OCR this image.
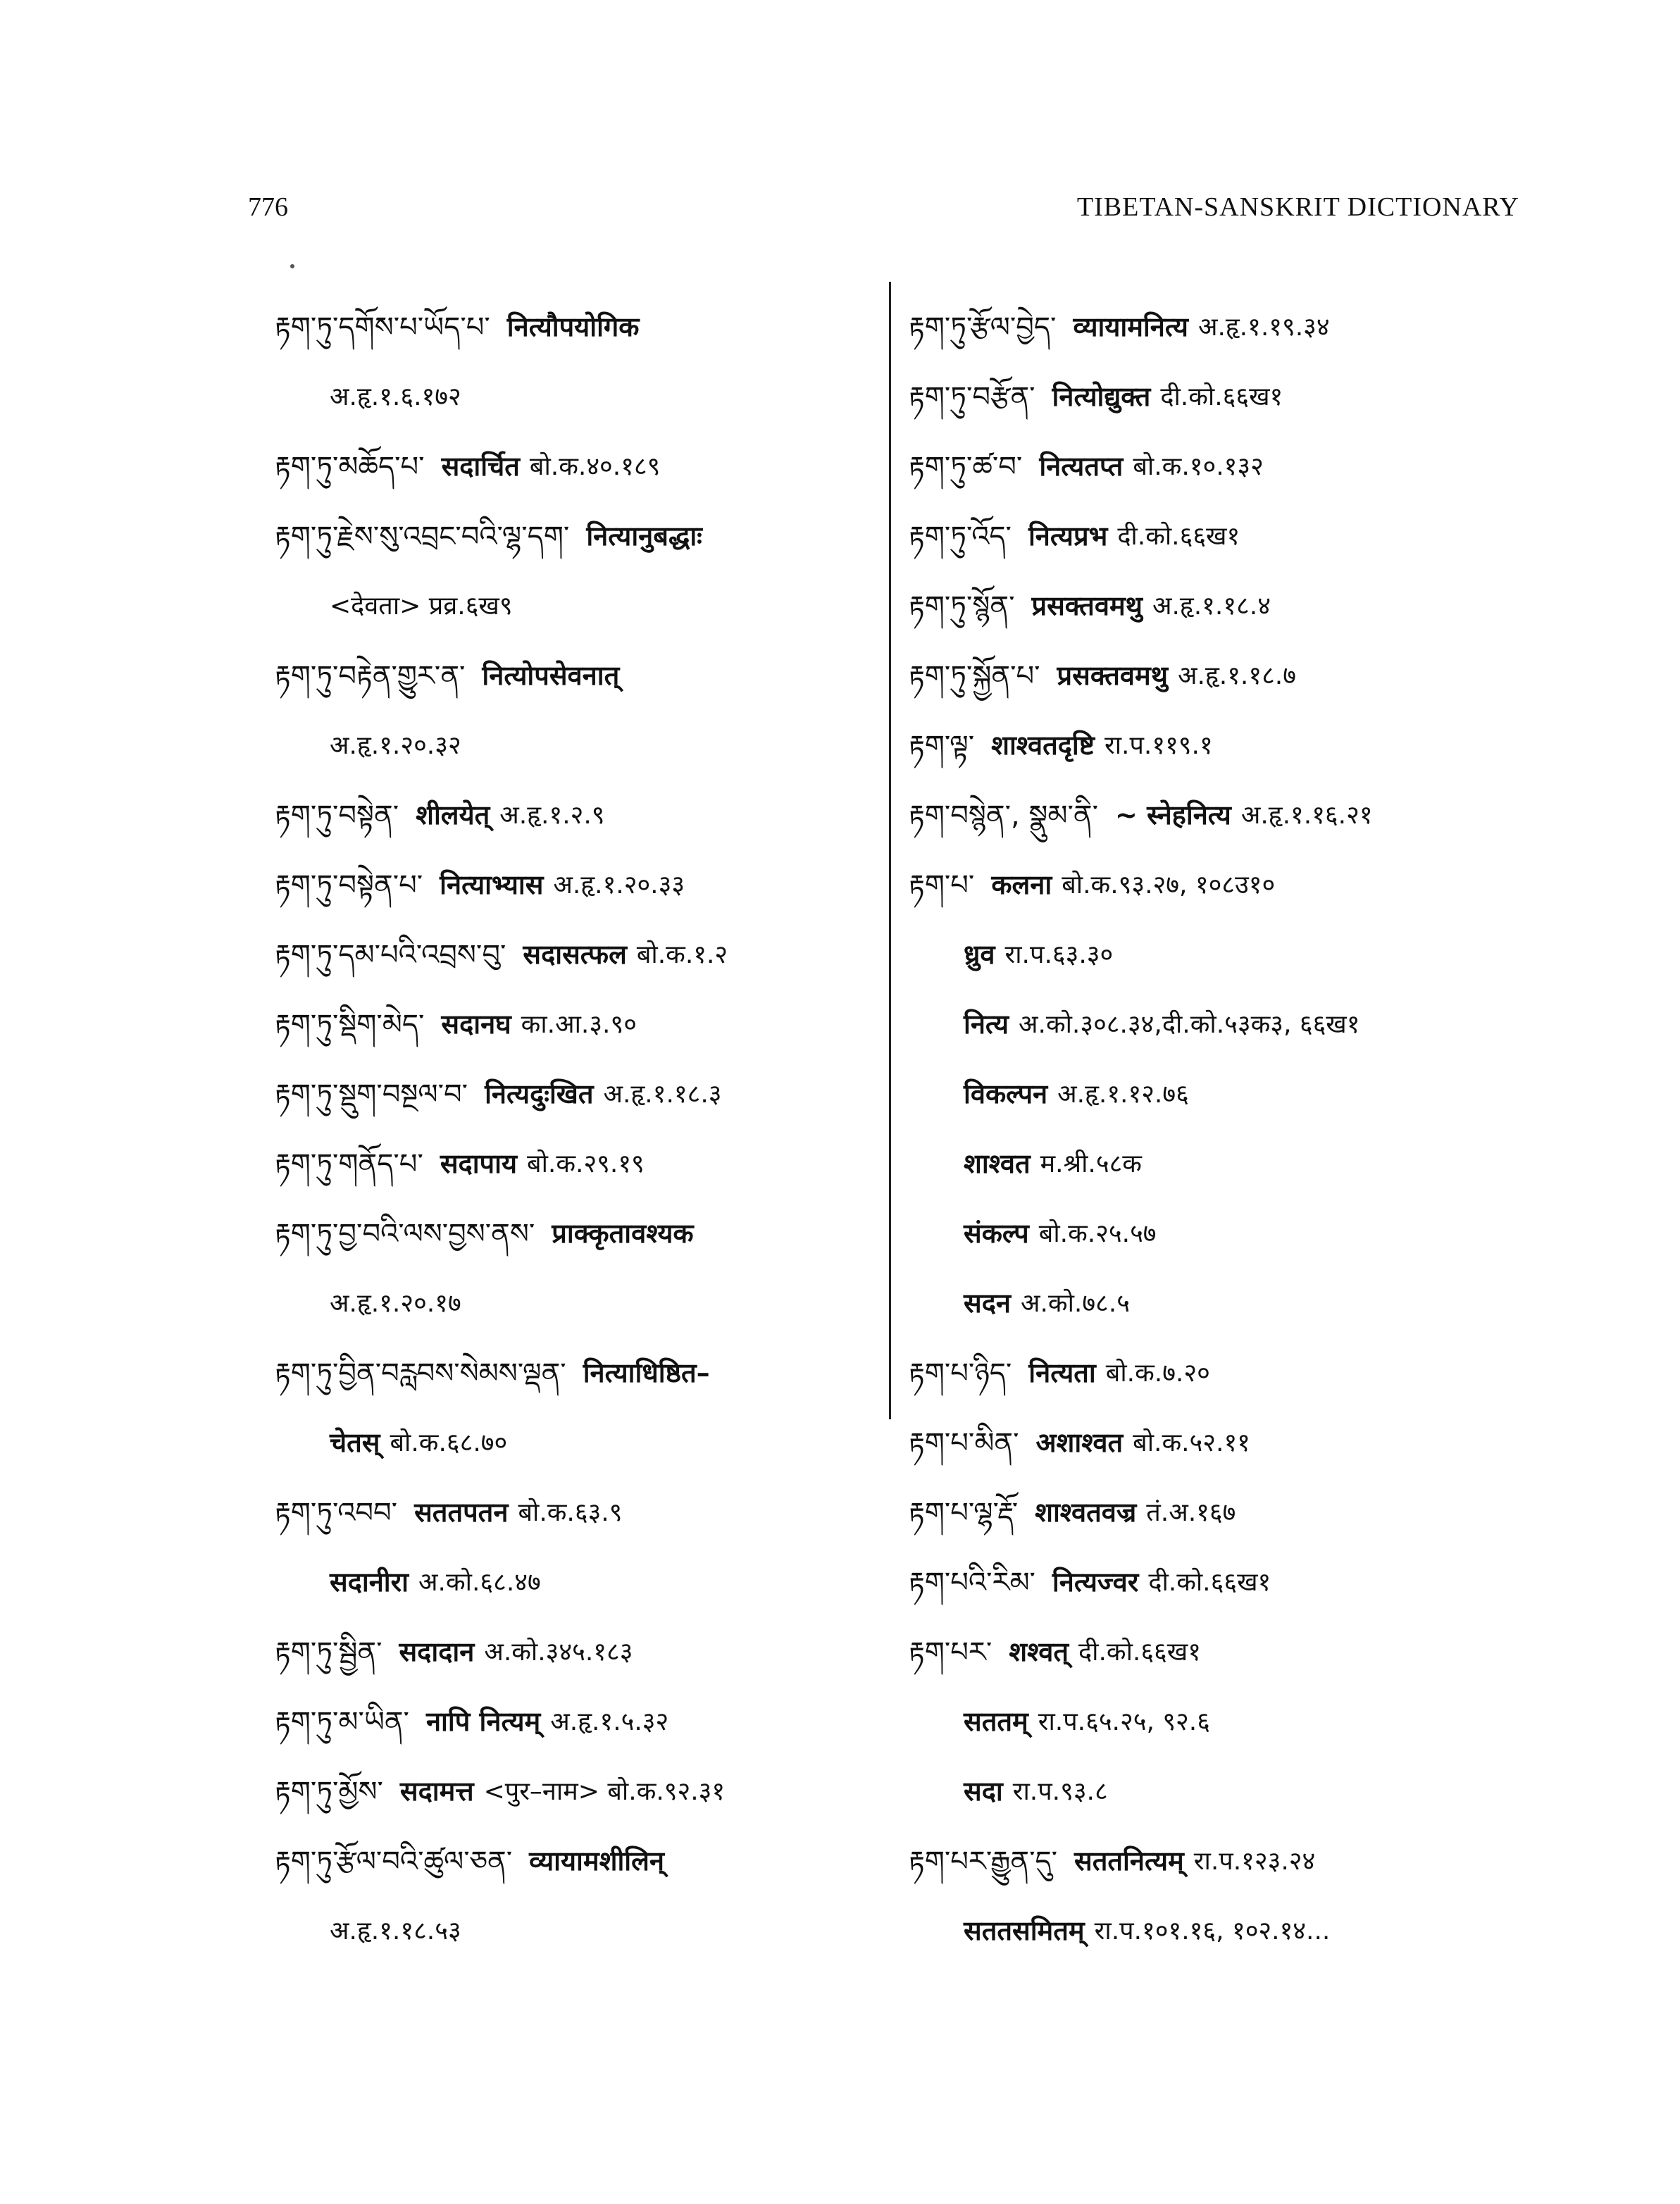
776	TIBETAN-SANSKRIT DICTIONARY
རྟག་ཏུ་དགོས་པ་ཡོད་པ་ नित्यौपयोगिक
अ.हृ.१.६.१७२
རྟག་ཏུ་མཆོད་པ་ सदार्चित बो.क.४०.१८९
རྟག་ཏུ་རྗེས་སུ་འབྲང་བའི་ལྷ་དག་ नित्यानुबद्धाः
<देवता> प्रव्र.६ख९
རྟག་ཏུ་བརྟེན་གྱུར་ན་ नित्योपसेवनात्
अ.हृ.१.२०.३२
རྟག་ཏུ་བསྟེན་ शीलयेत् अ.हृ.१.२.९
རྟག་ཏུ་བསྟེན་པ་ नित्याभ्यास अ.हृ.१.२०.३३
རྟག་ཏུ་དམ་པའི་འབྲས་བུ་ सदासत्फल बो.क.१.२
རྟག་ཏུ་སྡིག་མེད་ सदानघ का.आ.३.९०
རྟག་ཏུ་སྡུག་བསྔལ་བ་ नित्यदुःखित अ.हृ.१.१८.३
རྟག་ཏུ་གནོད་པ་ सदापाय बो.क.२९.१९
རྟག་ཏུ་བྱ་བའི་ལས་བྱས་ནས་ प्राक्कृतावश्यक
अ.हृ.१.२०.१७
རྟག་ཏུ་བྱིན་བརླབས་སེམས་ལྡན་ नित्याधिष्ठित–
चेतस् बो.क.६८.७०
རྟག་ཏུ་འབབ་ सततपतन बो.क.६३.९
सदानीरा अ.को.६८.४७
རྟག་ཏུ་སྦྱིན་ सदादान अ.को.३४५.१८३
རྟག་ཏུ་མ་ཡིན་ नापि नित्यम् अ.हृ.१.५.३२
རྟག་ཏུ་མྱོས་ सदामत्त <पुर–नाम> बो.क.९२.३१
རྟག་ཏུ་རྩོལ་བའི་ཚུལ་ཅན་ व्यायामशीलिन्
अ.हृ.१.१८.५३
རྟག་ཏུ་རྩོལ་བྱེད་ व्यायामनित्य अ.हृ.१.१९.३४
རྟག་ཏུ་བརྩོན་ नित्योद्युक्त दी.को.६६ख१
རྟག་ཏུ་ཚ་བ་ नित्यतप्त बो.क.१०.१३२
རྟག་ཏུ་འོད་ नित्यप्रभ दी.को.६६ख१
རྟག་ཏུ་སྙོན་ प्रसक्तवमथु अ.हृ.१.१८.४
རྟག་ཏུ་སྐྱོན་པ་ प्रसक्तवमथु अ.हृ.१.१८.७
རྟག་ལྟ་ शाश्वतदृष्टि रा.प.११९.१
རྟག་བསྙེན་, སྣུམ་ནི་ ~ स्नेहनित्य अ.हृ.१.१६.२१
རྟག་པ་ कलना बो.क.९३.२७, १०८उ१०
ध्रुव रा.प.६३.३०
नित्य अ.को.३०८.३४,दी.को.५३क३, ६६ख१
विकल्पन अ.हृ.१.१२.७६
शाश्वत म.श्री.५८क
संकल्प बो.क.२५.५७
सदन अ.को.७८.५
རྟག་པ་ཉིད་ नित्यता बो.क.७.२०
རྟག་པ་མིན་ अशाश्वत बो.क.५२.११
རྟག་པ་ལྷ་རྡོ་ शाश्वतवज्र तं.अ.१६७
རྟག་པའི་རིམ་ नित्यज्वर दी.को.६६ख१
རྟག་པར་ शश्वत् दी.को.६६ख१
सततम् रा.प.६५.२५, ९२.६
सदा रा.प.९३.८
རྟག་པར་རྒྱུན་དུ་ सततनित्यम् रा.प.१२३.२४
सततसमितम् रा.प.१०१.१६, १०२.१४...
